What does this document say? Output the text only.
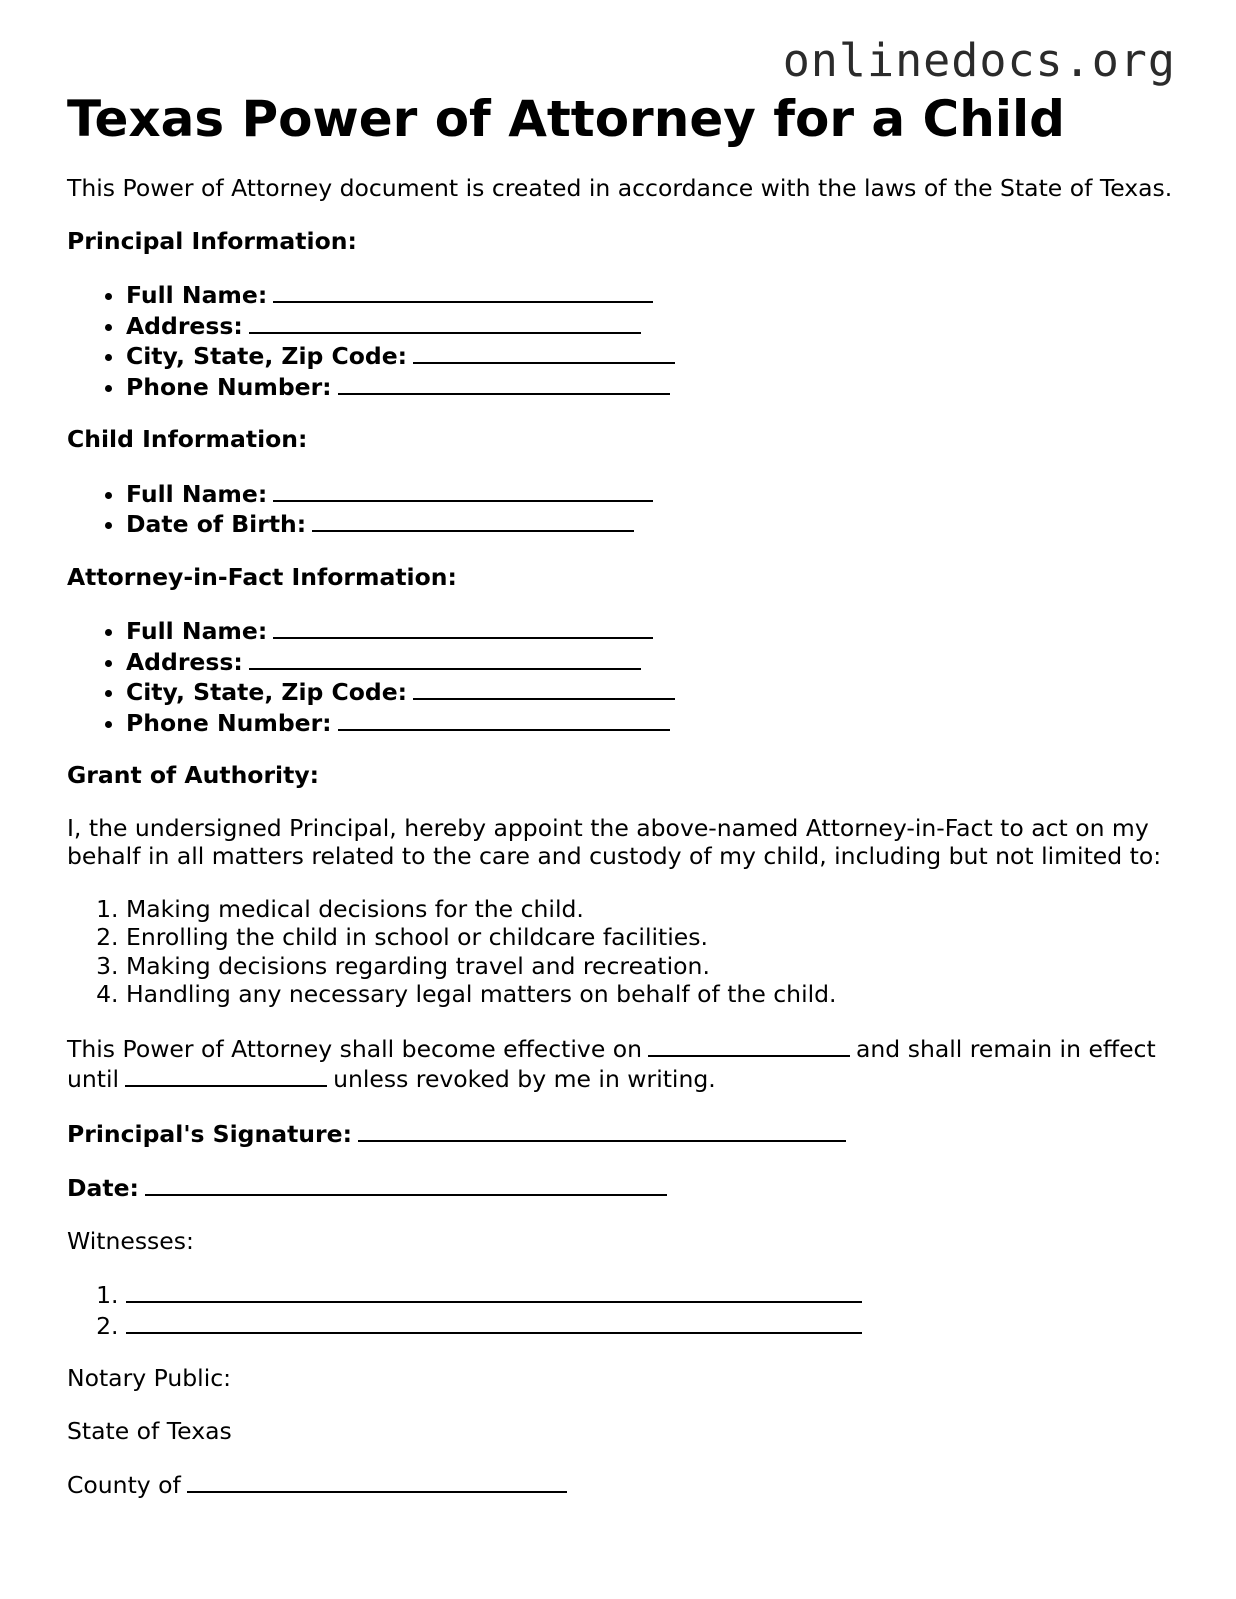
onlinedocs.org
Texas Power of Attorney for a Child

This Power of Attorney document is created in accordance with the laws of the State of Texas.

Principal Information:

• Full Name:
• Address:
• City, State, Zip Code:
• Phone Number:

Child Information:

• Full Name:
• Date of Birth:

Attorney-in-Fact Information:

• Full Name:
• Address:
• City, State, Zip Code:
• Phone Number:

Grant of Authority:

I, the undersigned Principal, hereby appoint the above-named Attorney-in-Fact to act on my behalf in all matters related to the care and custody of my child, including but not limited to:

1. Making medical decisions for the child.
2. Enrolling the child in school or childcare facilities.
3. Making decisions regarding travel and recreation.
4. Handling any necessary legal matters on behalf of the child.

This Power of Attorney shall become effective on	and shall remain in effect until	unless revoked by me in writing.

Principal's Signature:

Date:

Witnesses:

1.
2.

Notary Public:

State of Texas

County of
